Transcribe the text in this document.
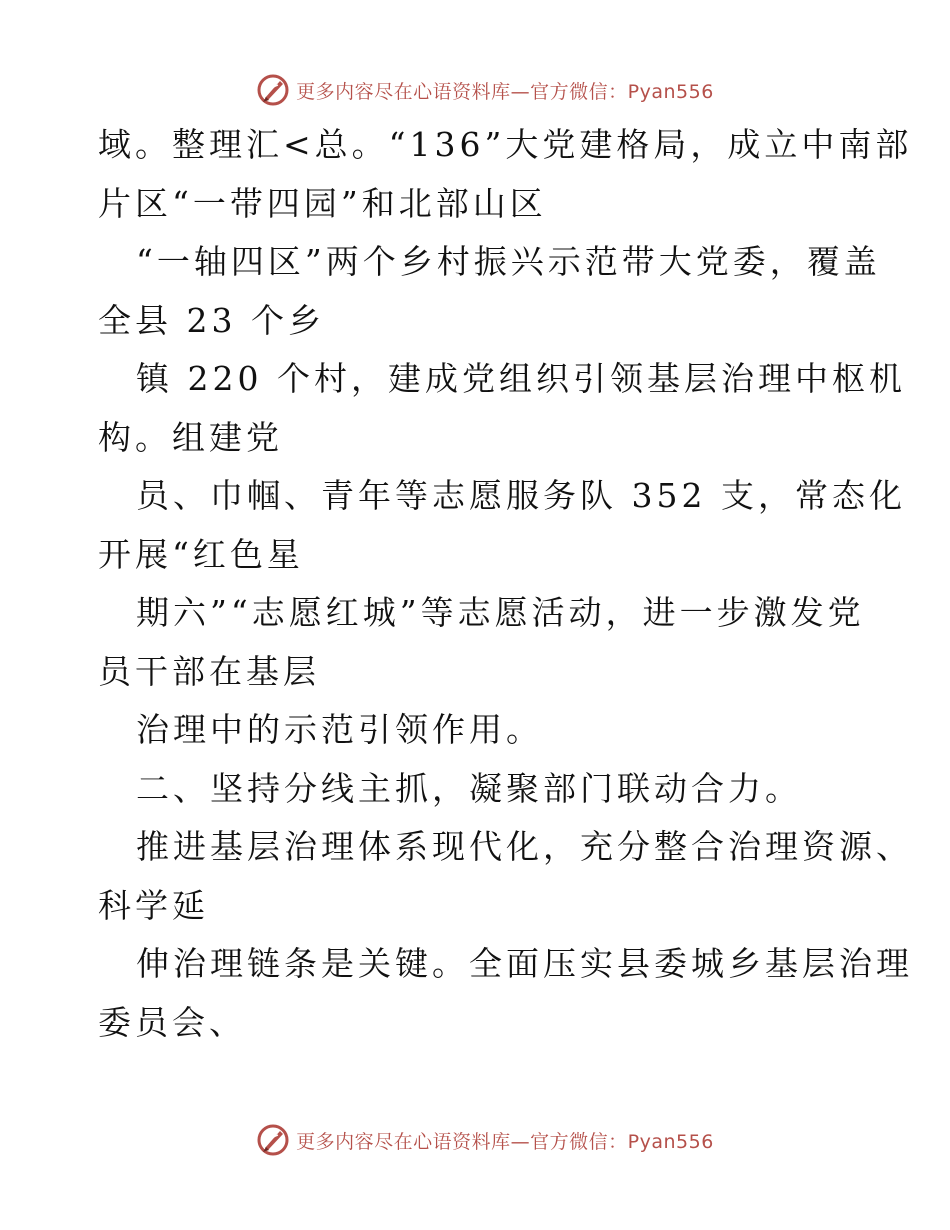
更多内容尽在心语资料库—官方微信：Pyan556
域。整理汇<总。“136”大党建格局，成立中南部
片区“一带四园”和北部山区
“一轴四区”两个乡村振兴示范带大党委，覆盖
全县 23 个乡
镇 220 个村，建成党组织引领基层治理中枢机
构。组建党
员、巾帼、青年等志愿服务队 352 支，常态化
开展“红色星
期六”“志愿红城”等志愿活动，进一步激发党
员干部在基层
治理中的示范引领作用。
二、坚持分线主抓，凝聚部门联动合力。
推进基层治理体系现代化，充分整合治理资源、
科学延
伸治理链条是关键。全面压实县委城乡基层治理
委员会、
更多内容尽在心语资料库—官方微信：Pyan556
